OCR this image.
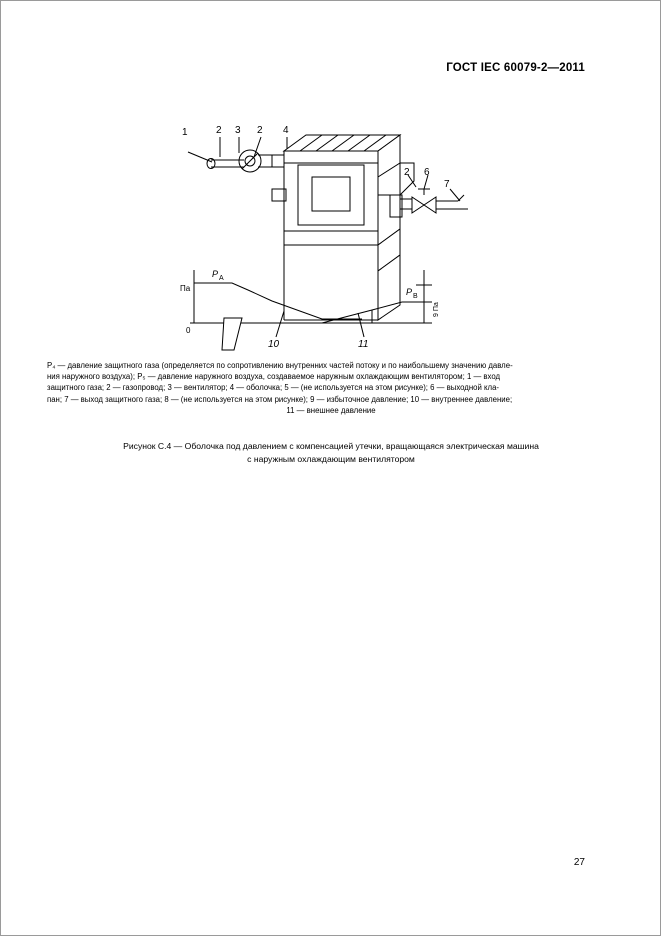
ГОСТ IEC 60079-2—2011
1	2 3 2 4
2 6
7
10	11
Па
0
P A
P B
9 Па
P₄ — давление защитного газа (определяется по сопротивлению внутренних частей потоку и по наибольшему значению давле-
ния наружного воздуха); P₅ — давление наружного воздуха, создаваемое наружным охлаждающим вентилятором; 1 — вход
защитного газа; 2 — газопровод; 3 — вентилятор; 4 — оболочка; 5 — (не используется на этом рисунке); 6 — выходной кла-
пан; 7 — выход защитного газа; 8 — (не используется на этом рисунке); 9 — избыточное давление; 10 — внутреннее давление;
11 — внешнее давление
Рисунок С.4 — Оболочка под давлением с компенсацией утечки, вращающаяся электрическая машина
с наружным охлаждающим вентилятором
27
